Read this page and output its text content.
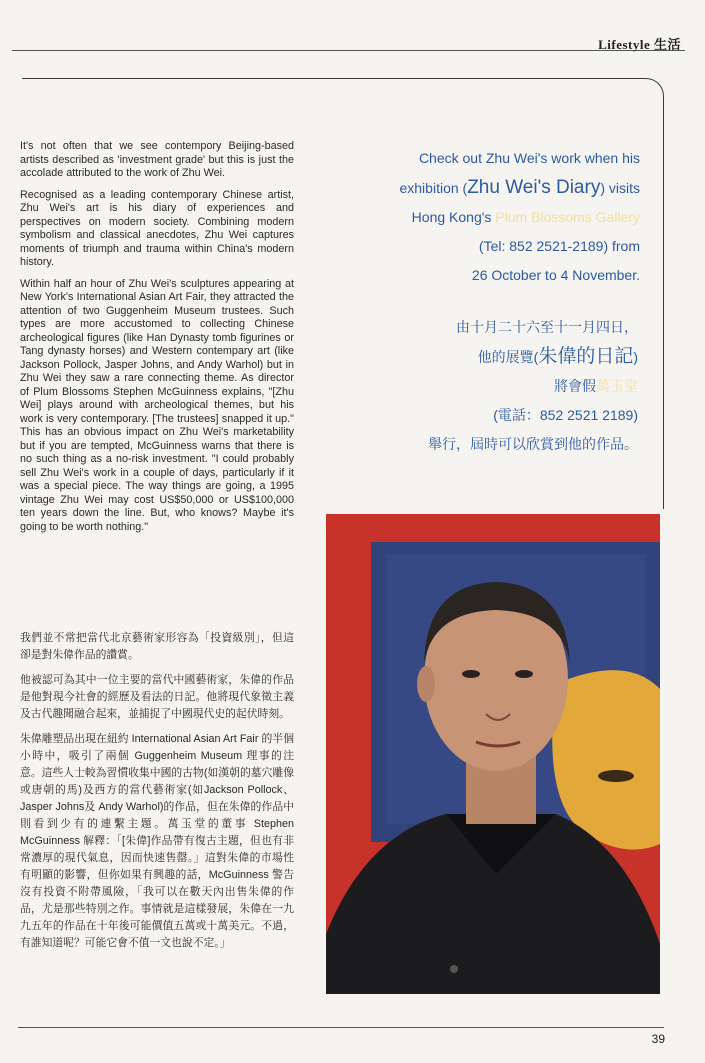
Lifestyle 生活

It's not often that we see contempory Beijing-based artists described as 'investment grade' but this is just the accolade attributed to the work of Zhu Wei.

Recognised as a leading contemporary Chinese artist, Zhu Wei's art is his diary of experiences and perspectives on modern society. Combining modern symbolism and classical anecdotes, Zhu Wei captures moments of triumph and trauma within China's modern history.

Within half an hour of Zhu Wei's sculptures appearing at New York's International Asian Art Fair, they attracted the attention of two Guggenheim Museum trustees. Such types are more accustomed to collecting Chinese archeological figures (like Han Dynasty tomb figurines or Tang dynasty horses) and Western contempary art (like Jackson Pollock, Jasper Johns, and Andy Warhol) but in Zhu Wei they saw a rare connecting theme. As director of Plum Blossoms Stephen McGuinness explains, "[Zhu Wei] plays around with archeological themes, but his work is very contemporary. [The trustees] snapped it up." This has an obvious impact on Zhu Wei's marketability but if you are tempted, McGuinness warns that there is no such thing as a no-risk investment. "I could probably sell Zhu Wei's work in a couple of days, particularly if it was a special piece. The way things are going, a 1995 vintage Zhu Wei may cost US$50,000 or US$100,000 ten years down the line. But, who knows? Maybe it's going to be worth nothing."

我們並不常把當代北京藝術家形容為「投資級別」，但這卻是對朱偉作品的讚賞。

他被認可為其中一位主要的當代中國藝術家，朱偉的作品是他對現今社會的經歷及看法的日記。他將現代象徵主義及古代趣聞融合起來，並捕捉了中國現代史的起伏時刻。

朱偉雕塑品出現在紐約 International Asian Art Fair 的半個小時中，吸引了兩個 Guggenheim Museum 理事的注意。這些人士較為習慣收集中國的古物(如漢朝的墓穴雕像或唐朝的馬)及西方的當代藝術家(如Jackson Pollock、Jasper Johns及 Andy Warhol)的作品，但在朱偉的作品中則看到少有的連繫主題。萬玉堂的董事 Stephen McGuinness 解釋：「[朱偉]作品帶有復古主題，但也有非常濃厚的現代氣息，因而快速售罄。」這對朱偉的市場性有明顯的影響，但你如果有興趣的話，McGuinness 警告沒有投資不附帶風險，「我可以在數天內出售朱偉的作品，尤是那些特別之作。事情就是這樣發展，朱偉在一九九五年的作品在十年後可能價值五萬或十萬美元。不過，有誰知道呢？可能它會不值一文也說不定。」

Check out Zhu Wei's work when his
exhibition (Zhu Wei's Diary) visits
Hong Kong's Plum Blossoms Gallery
(Tel: 852 2521-2189) from
26 October to 4 November.
由十月二十六至十一月四日，
他的展覽(朱偉的日記)
將會假萬玉堂
(電話：852 2521 2189)
舉行，屆時可以欣賞到他的作品。
39
